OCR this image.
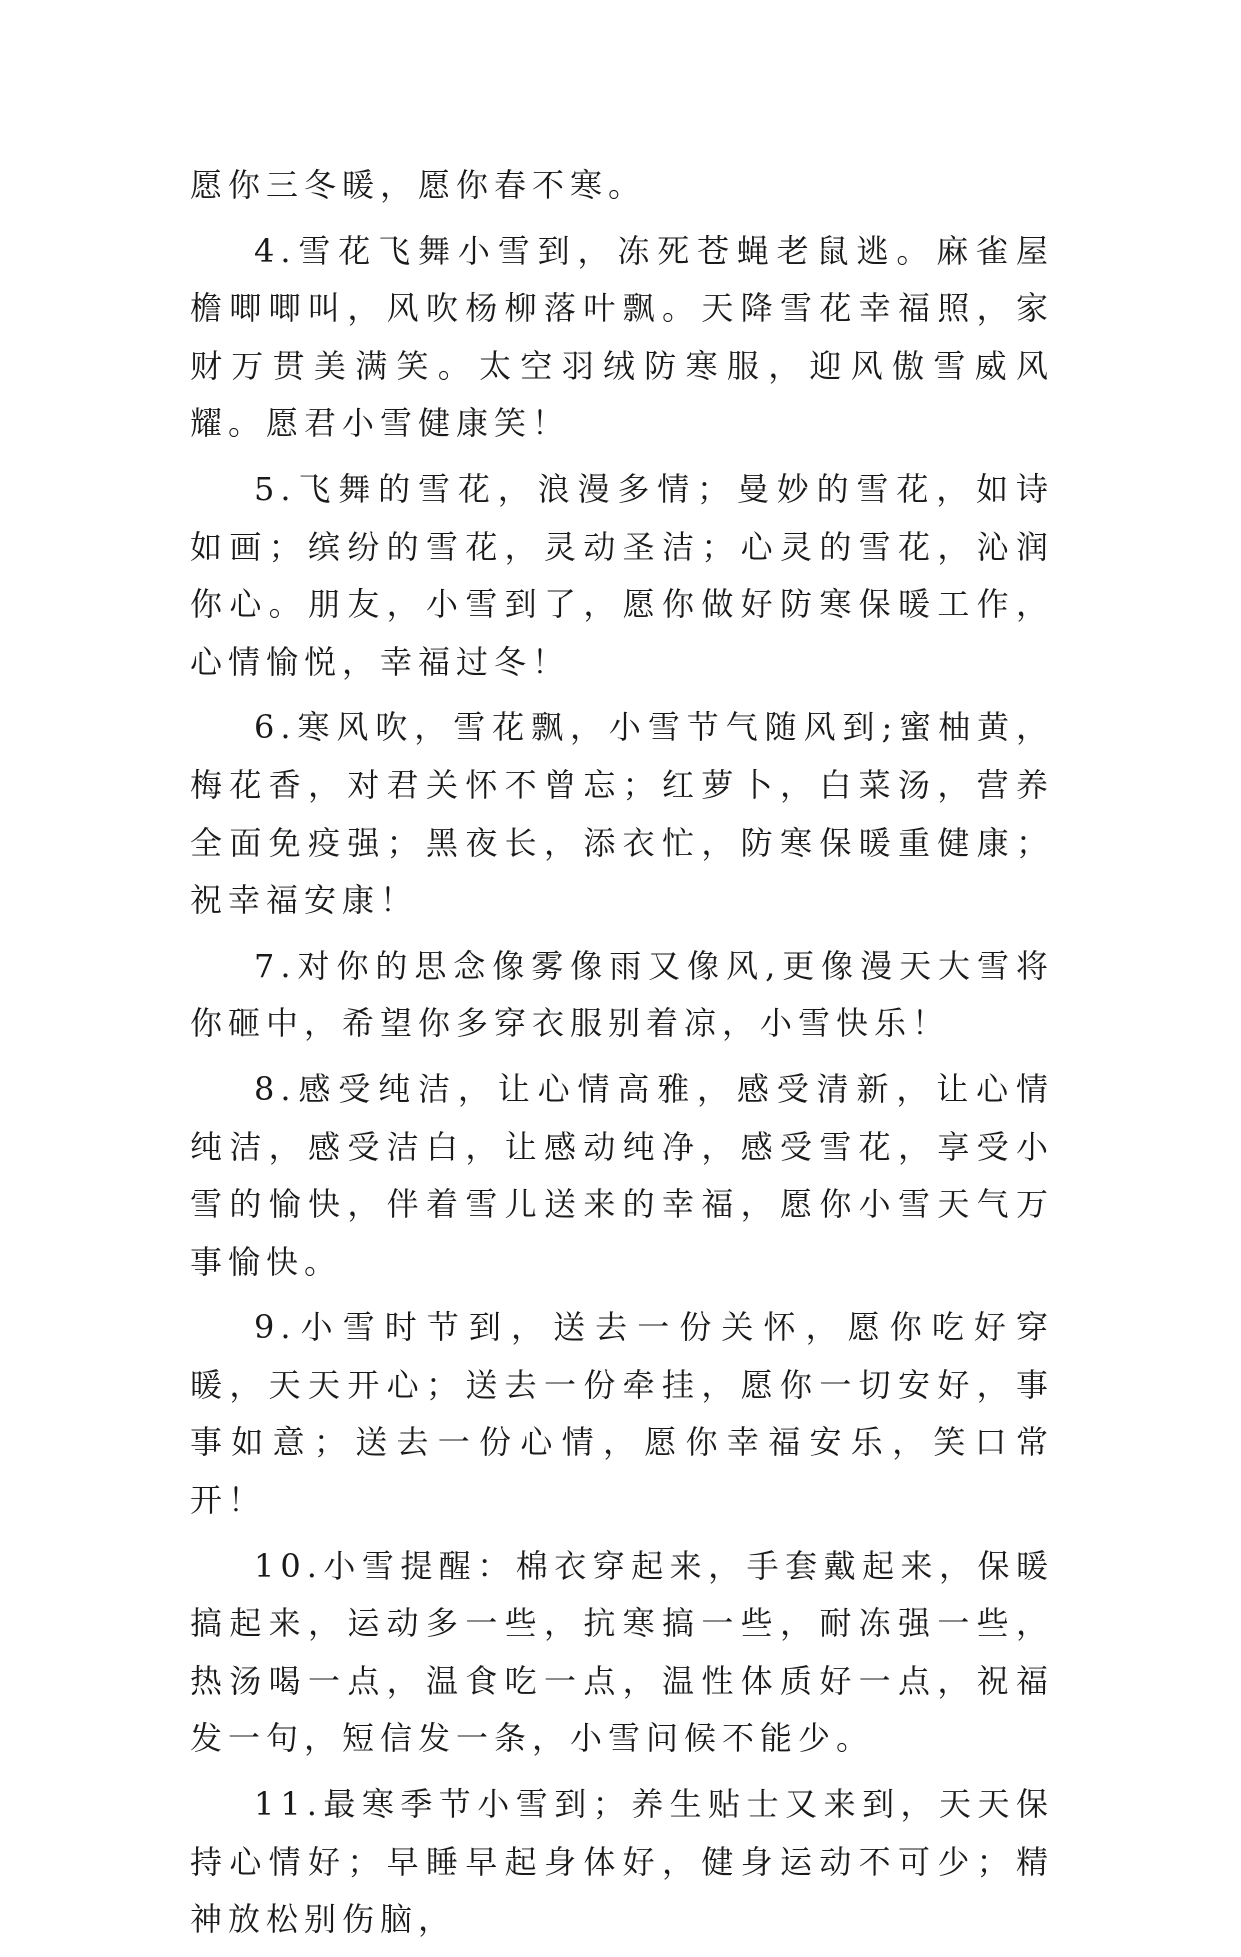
愿你三冬暖，愿你春不寒。

4.雪花飞舞小雪到，冻死苍蝇老鼠逃。麻雀屋檐唧唧叫，风吹杨柳落叶飘。天降雪花幸福照，家财万贯美满笑。太空羽绒防寒服，迎风傲雪威风耀。愿君小雪健康笑！

5.飞舞的雪花，浪漫多情；曼妙的雪花，如诗如画；缤纷的雪花，灵动圣洁；心灵的雪花，沁润你心。朋友，小雪到了，愿你做好防寒保暖工作，心情愉悦，幸福过冬！

6.寒风吹，雪花飘，小雪节气随风到;蜜柚黄，梅花香，对君关怀不曾忘；红萝卜，白菜汤，营养全面免疫强；黑夜长，添衣忙，防寒保暖重健康；祝幸福安康！

7.对你的思念像雾像雨又像风,更像漫天大雪将你砸中，希望你多穿衣服别着凉，小雪快乐！

8.感受纯洁，让心情高雅，感受清新，让心情纯洁，感受洁白，让感动纯净，感受雪花，享受小雪的愉快，伴着雪儿送来的幸福，愿你小雪天气万事愉快。

9.小雪时节到，送去一份关怀，愿你吃好穿暖，天天开心；送去一份牵挂，愿你一切安好，事事如意；送去一份心情，愿你幸福安乐，笑口常开！

10.小雪提醒：棉衣穿起来，手套戴起来，保暖搞起来，运动多一些，抗寒搞一些，耐冻强一些，热汤喝一点，温食吃一点，温性体质好一点，祝福发一句，短信发一条，小雪问候不能少。

11.最寒季节小雪到；养生贴士又来到，天天保持心情好；早睡早起身体好，健身运动不可少；精神放松别伤脑，
